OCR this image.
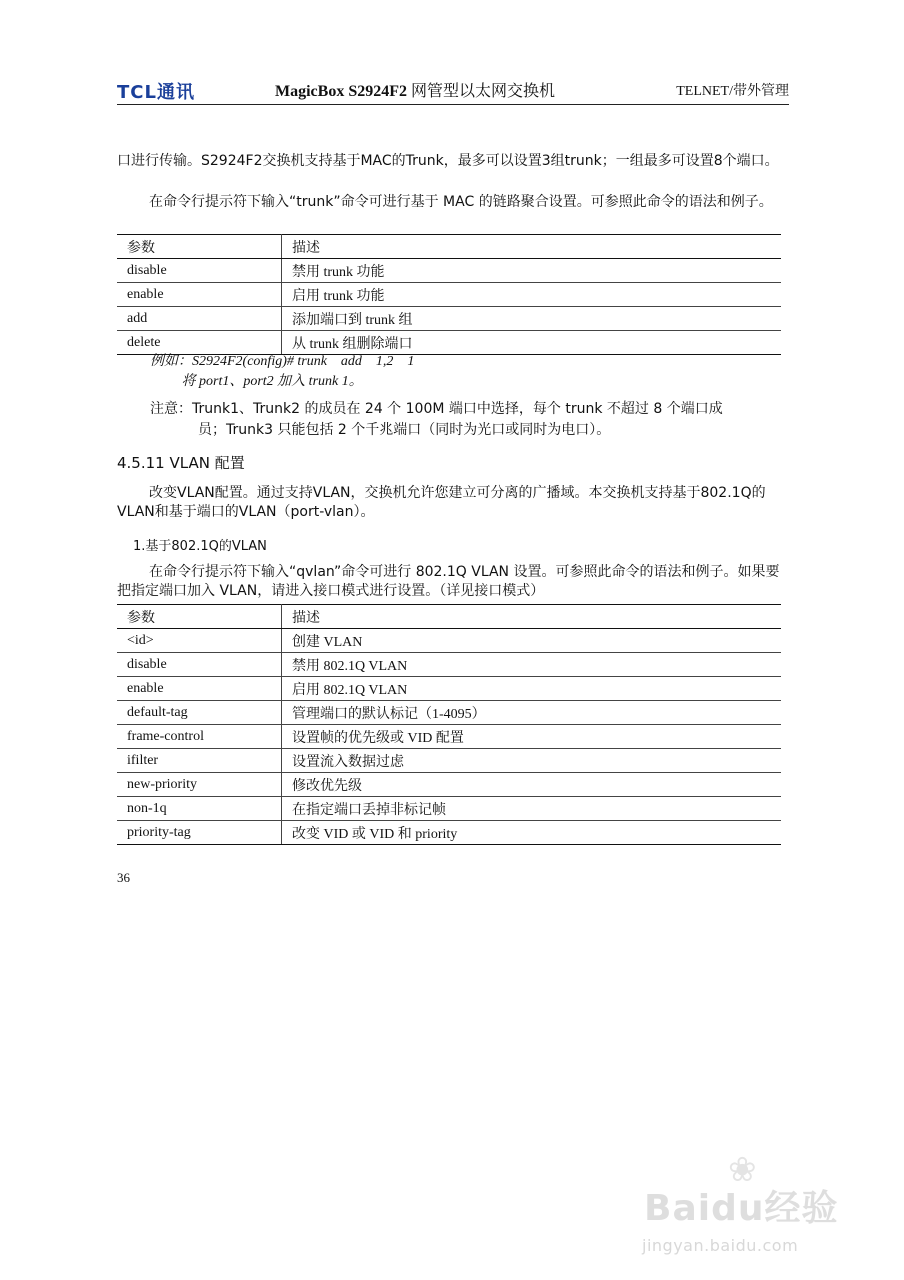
TCL通讯	MagicBox S2924F2 网管型以太网交换机	TELNET/带外管理
口进行传输。S2924F2交换机支持基于MAC的Trunk，最多可以设置3组trunk；一组最多可设置8个端口。
在命令行提示符下输入“trunk”命令可进行基于 MAC 的链路聚合设置。可参照此命令的语法和例子。
参数	描述
disable	禁用 trunk 功能
enable	启用 trunk 功能
add	添加端口到 trunk 组
delete	从 trunk 组删除端口
例如：S2924F2(config)# trunk    add    1,2    1
将 port1、port2 加入 trunk 1。
注意：Trunk1、Trunk2 的成员在 24 个 100M 端口中选择，每个 trunk 不超过 8 个端口成
员；Trunk3 只能包括 2 个千兆端口（同时为光口或同时为电口）。
4.5.11 VLAN 配置
改变VLAN配置。通过支持VLAN，交换机允许您建立可分离的广播域。本交换机支持基于802.1Q的VLAN和基于端口的VLAN（port-vlan）。
1.基于802.1Q的VLAN
在命令行提示符下输入“qvlan”命令可进行 802.1Q VLAN 设置。可参照此命令的语法和例子。如果要把指定端口加入 VLAN，请进入接口模式进行设置。（详见接口模式）
参数	描述
<id>	创建 VLAN
disable	禁用 802.1Q VLAN
enable	启用 802.1Q VLAN
default-tag	管理端口的默认标记（1-4095）
frame-control	设置帧的优先级或 VID 配置
ifilter	设置流入数据过虑
new-priority	修改优先级
non-1q	在指定端口丢掉非标记帧
priority-tag	改变 VID 或 VID 和 priority
36
❀
Baidu经验
jingyan.baidu.com
